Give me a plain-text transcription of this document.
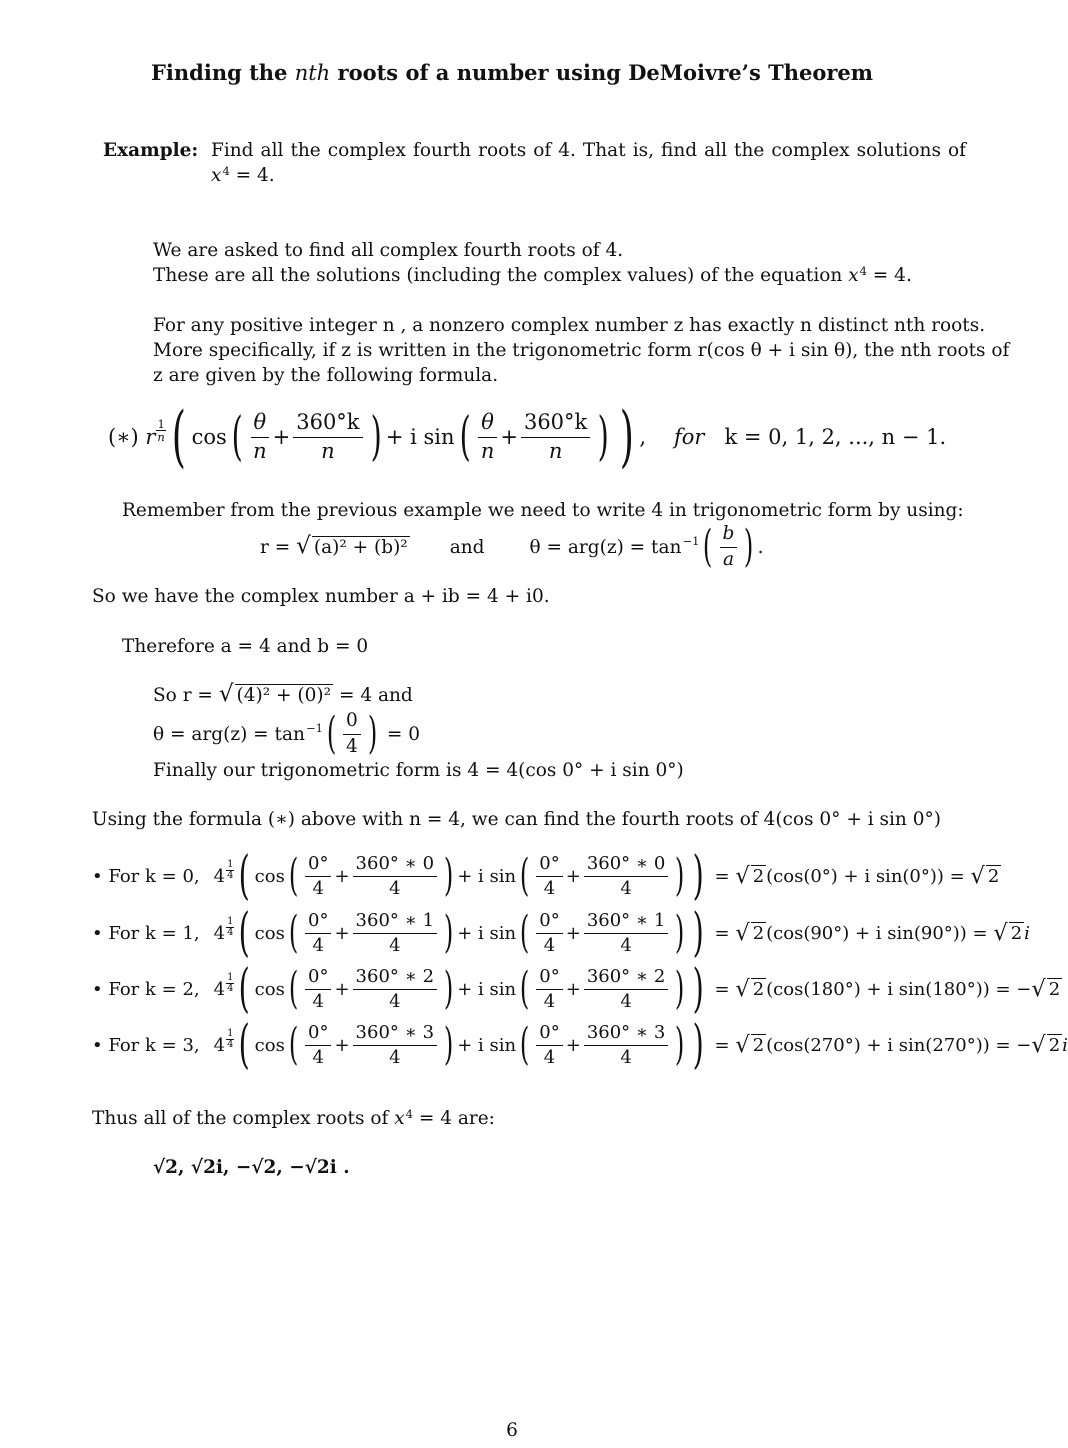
Finding the nth roots of a number using DeMoivre’s Theorem
Example: Find all the complex fourth roots of 4. That is, find all the complex solutions of
$x^4 = 4$.
We are asked to find all complex fourth roots of 4.
These are all the solutions (including the complex values) of the equation $x^4 = 4$.
For any positive integer n , a nonzero complex number z has exactly n distinct nth roots.
More specifically, if z is written in the trigonometric form r(cos θ + i sin θ), the nth roots of
z are given by the following formula.
(∗)
r $\frac{1}{n}$ ( cos ( $\frac{\theta}{n} + \frac{360^\circ k}{n}$ ) + i sin ( $\frac{\theta}{n} + \frac{360^\circ k}{n}$ ) ) , for k = 0, 1, 2, ..., n − 1.
Remember from the previous example we need to write 4 in trigonometric form by using:
r =
√ (a)² + (b)² and θ = arg(z) = tan −1 ( $\frac{b}{a}$ ) .
So we have the complex number a + ib = 4 + i0.
Therefore a = 4 and b = 0
So r =
√ (4)² + (0)²
= 4 and
θ = arg(z) = tan −1 ( $\frac{0}{4}$ )
= 0
Finally our trigonometric form is 4 = 4(cos 0° + i sin 0°)
Using the formula (∗) above with n = 4, we can find the fourth roots of 4(cos 0° + i sin 0°)
• For k = 0, $4 \frac{1}{4}$ ( cos ( $\frac{0^\circ}{4} + \frac{360^\circ ∗ 0}{4}$ ) + i sin ( $\frac{0^\circ}{4} + \frac{360^\circ ∗ 0}{4}$ ) )
=
√ 2 (cos(0°) + i sin(0°)) =
√ 2
• For k = 1, $4 \frac{1}{4}$ ( cos ( $\frac{0^\circ}{4} + \frac{360^\circ ∗ 1}{4}$ ) + i sin ( $\frac{0^\circ}{4} + \frac{360^\circ ∗ 1}{4}$ ) )
=
√ 2 (cos(90°) + i sin(90°)) =
√ 2 i
• For k = 2, $4 \frac{1}{4}$ ( cos ( $\frac{0^\circ}{4} + \frac{360^\circ ∗ 2}{4}$ ) + i sin ( $\frac{0^\circ}{4} + \frac{360^\circ ∗ 2}{4}$ ) )
=
√ 2 (cos(180°) + i sin(180°)) =
− √ 2
• For k = 3, $4 \frac{1}{4}$ ( cos ( $\frac{0^\circ}{4} + \frac{360^\circ ∗ 3}{4}$ ) + i sin ( $\frac{0^\circ}{4} + \frac{360^\circ ∗ 3}{4}$ ) )
=
√ 2 (cos(270°) + i sin(270°)) =
− √ 2 i
Thus all of the complex roots of $x^4 = 4$ are:
√2, √2i, −√2, −√2i .
6
